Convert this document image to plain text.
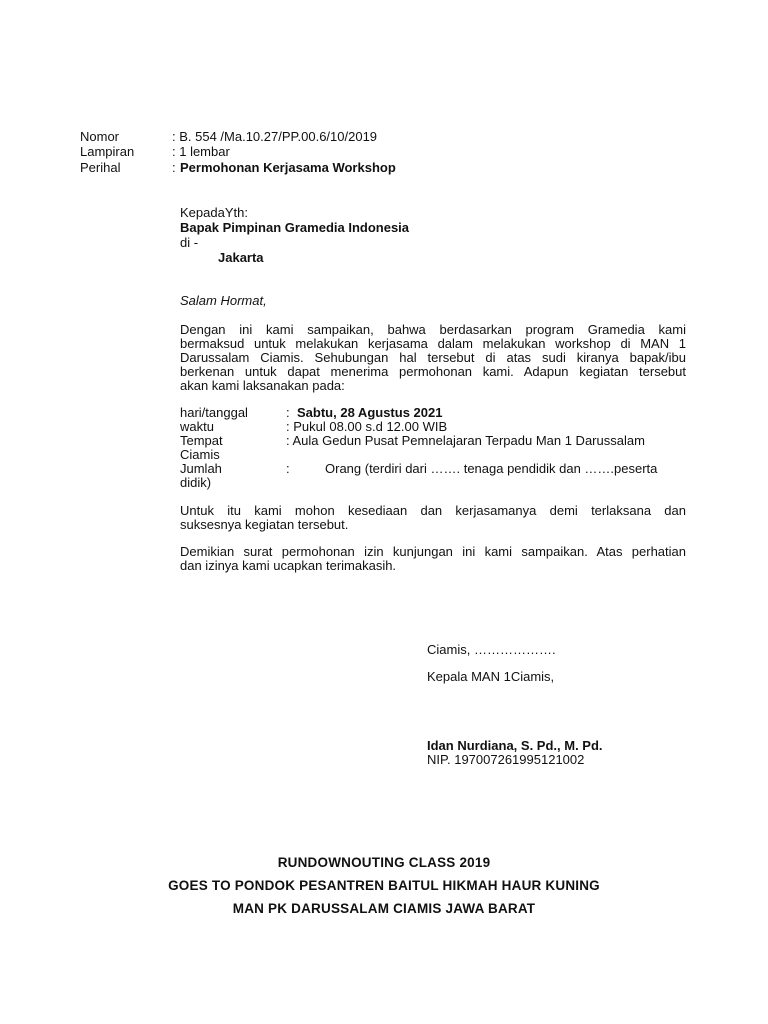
Nomor	: B. 554 /Ma.10.27/PP.00.6/10/2019
Lampiran	: 1 lembar
Perihal	: Permohonan Kerjasama Workshop
KepadaYth:
Bapak Pimpinan Gramedia Indonesia
di -
Jakarta
Salam Hormat,
Dengan ini kami sampaikan, bahwa berdasarkan program Gramedia kami
bermaksud untuk melakukan kerjasama dalam melakukan workshop di MAN 1
Darussalam Ciamis. Sehubungan hal tersebut di atas sudi kiranya bapak/ibu
berkenan untuk dapat menerima permohonan kami. Adapun kegiatan tersebut
akan kami laksanakan pada:
hari/tanggal	: Sabtu, 28 Agustus 2021
waktu	: Pukul 08.00 s.d 12.00 WIB
Tempat	: Aula Gedun Pusat Pemnelajaran Terpadu Man 1 Darussalam
Ciamis
Jumlah	:	Orang (terdiri dari ……. tenaga pendidik dan …….peserta
didik)
Untuk itu kami mohon kesediaan dan kerjasamanya demi terlaksana dan
suksesnya kegiatan tersebut.
Demikian surat permohonan izin kunjungan ini kami sampaikan. Atas perhatian
dan izinya kami ucapkan terimakasih.
Ciamis, ……………….
Kepala MAN 1Ciamis,
Idan Nurdiana, S. Pd., M. Pd.
NIP. 197007261995121002
RUNDOWNOUTING CLASS 2019
GOES TO PONDOK PESANTREN BAITUL HIKMAH HAUR KUNING
MAN PK DARUSSALAM CIAMIS JAWA BARAT
